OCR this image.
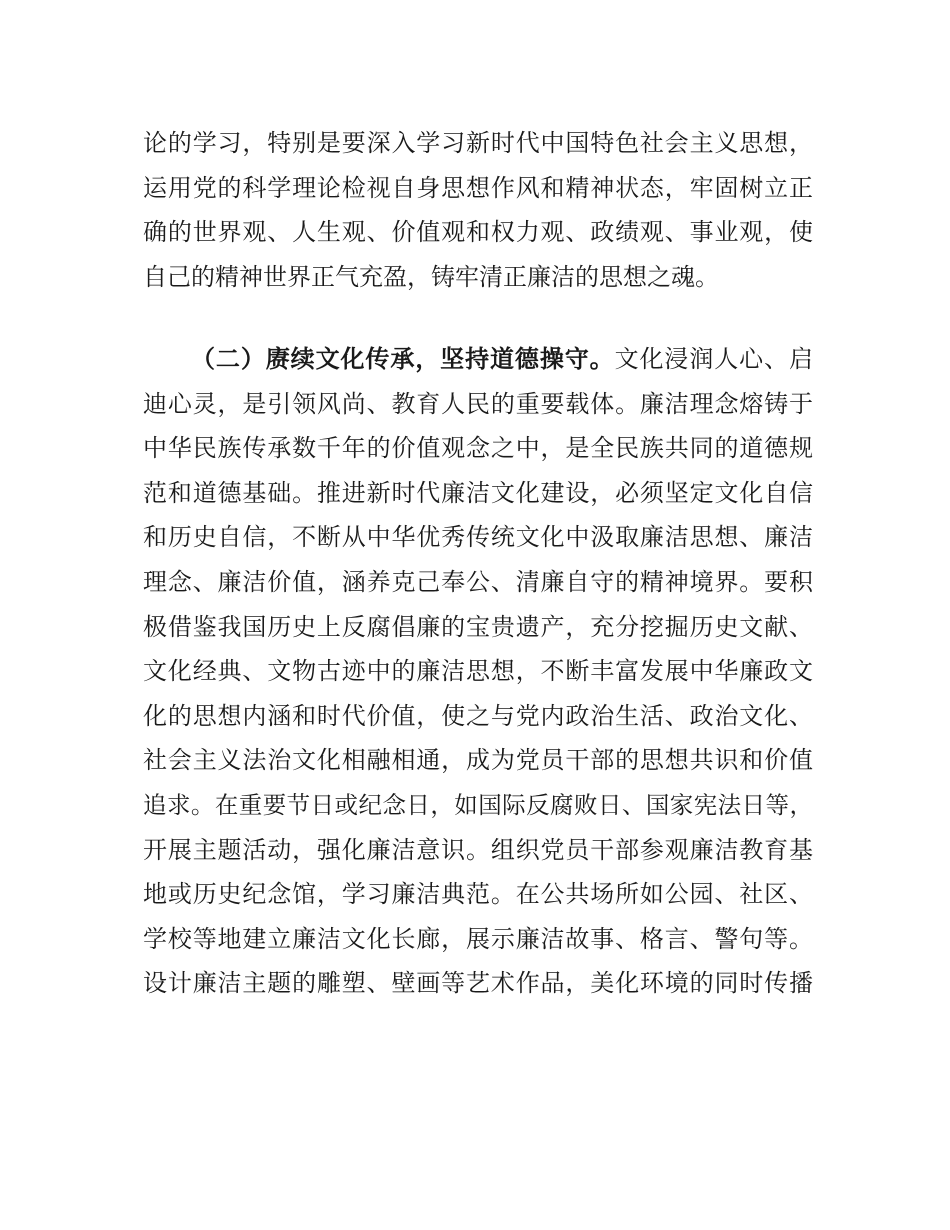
论的学习，特别是要深入学习新时代中国特色社会主义思想，
运用党的科学理论检视自身思想作风和精神状态，牢固树立正
确的世界观、人生观、价值观和权力观、政绩观、事业观，使
自己的精神世界正气充盈，铸牢清正廉洁的思想之魂。
（二）赓续文化传承，坚持道德操守。文化浸润人心、启
迪心灵，是引领风尚、教育人民的重要载体。廉洁理念熔铸于
中华民族传承数千年的价值观念之中，是全民族共同的道德规
范和道德基础。推进新时代廉洁文化建设，必须坚定文化自信
和历史自信，不断从中华优秀传统文化中汲取廉洁思想、廉洁
理念、廉洁价值，涵养克己奉公、清廉自守的精神境界。要积
极借鉴我国历史上反腐倡廉的宝贵遗产，充分挖掘历史文献、
文化经典、文物古迹中的廉洁思想，不断丰富发展中华廉政文
化的思想内涵和时代价值，使之与党内政治生活、政治文化、
社会主义法治文化相融相通，成为党员干部的思想共识和价值
追求。在重要节日或纪念日，如国际反腐败日、国家宪法日等，
开展主题活动，强化廉洁意识。组织党员干部参观廉洁教育基
地或历史纪念馆，学习廉洁典范。在公共场所如公园、社区、
学校等地建立廉洁文化长廊，展示廉洁故事、格言、警句等。
设计廉洁主题的雕塑、壁画等艺术作品，美化环境的同时传播
